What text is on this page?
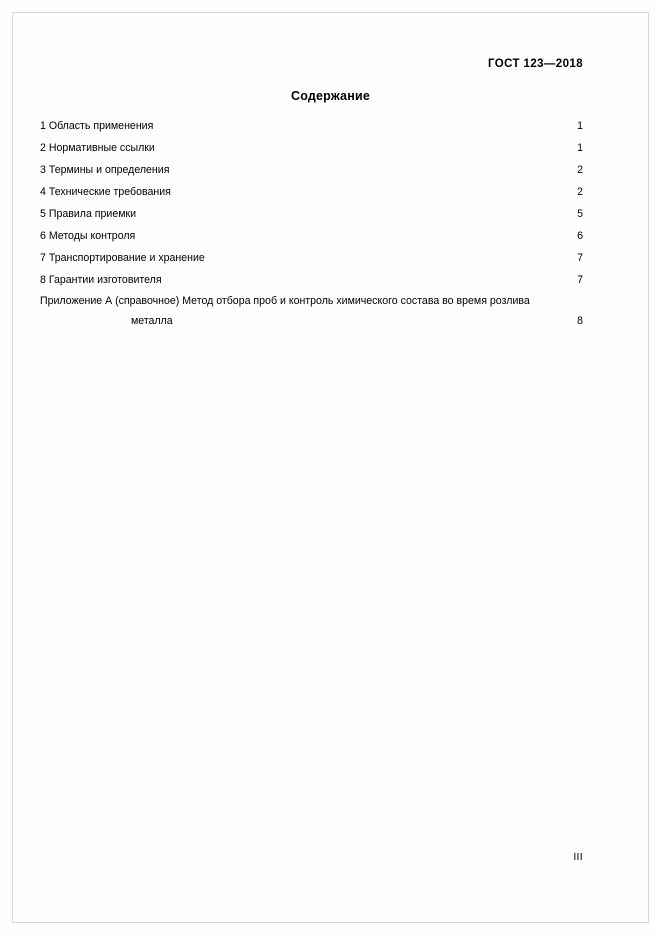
ГОСТ 123—2018
Содержание
1 Область применения . . .	1
2 Нормативные ссылки . . .	1
3 Термины и определения . . .	2
4 Технические требования . . .	2
5 Правила приемки . . .	5
6 Методы контроля . . .	6
7 Транспортирование и хранение . . .	7
8 Гарантии изготовителя . . .	7
Приложение А (справочное) Метод отбора проб и контроль химического состава во время розлива
металла . . .	8
III
